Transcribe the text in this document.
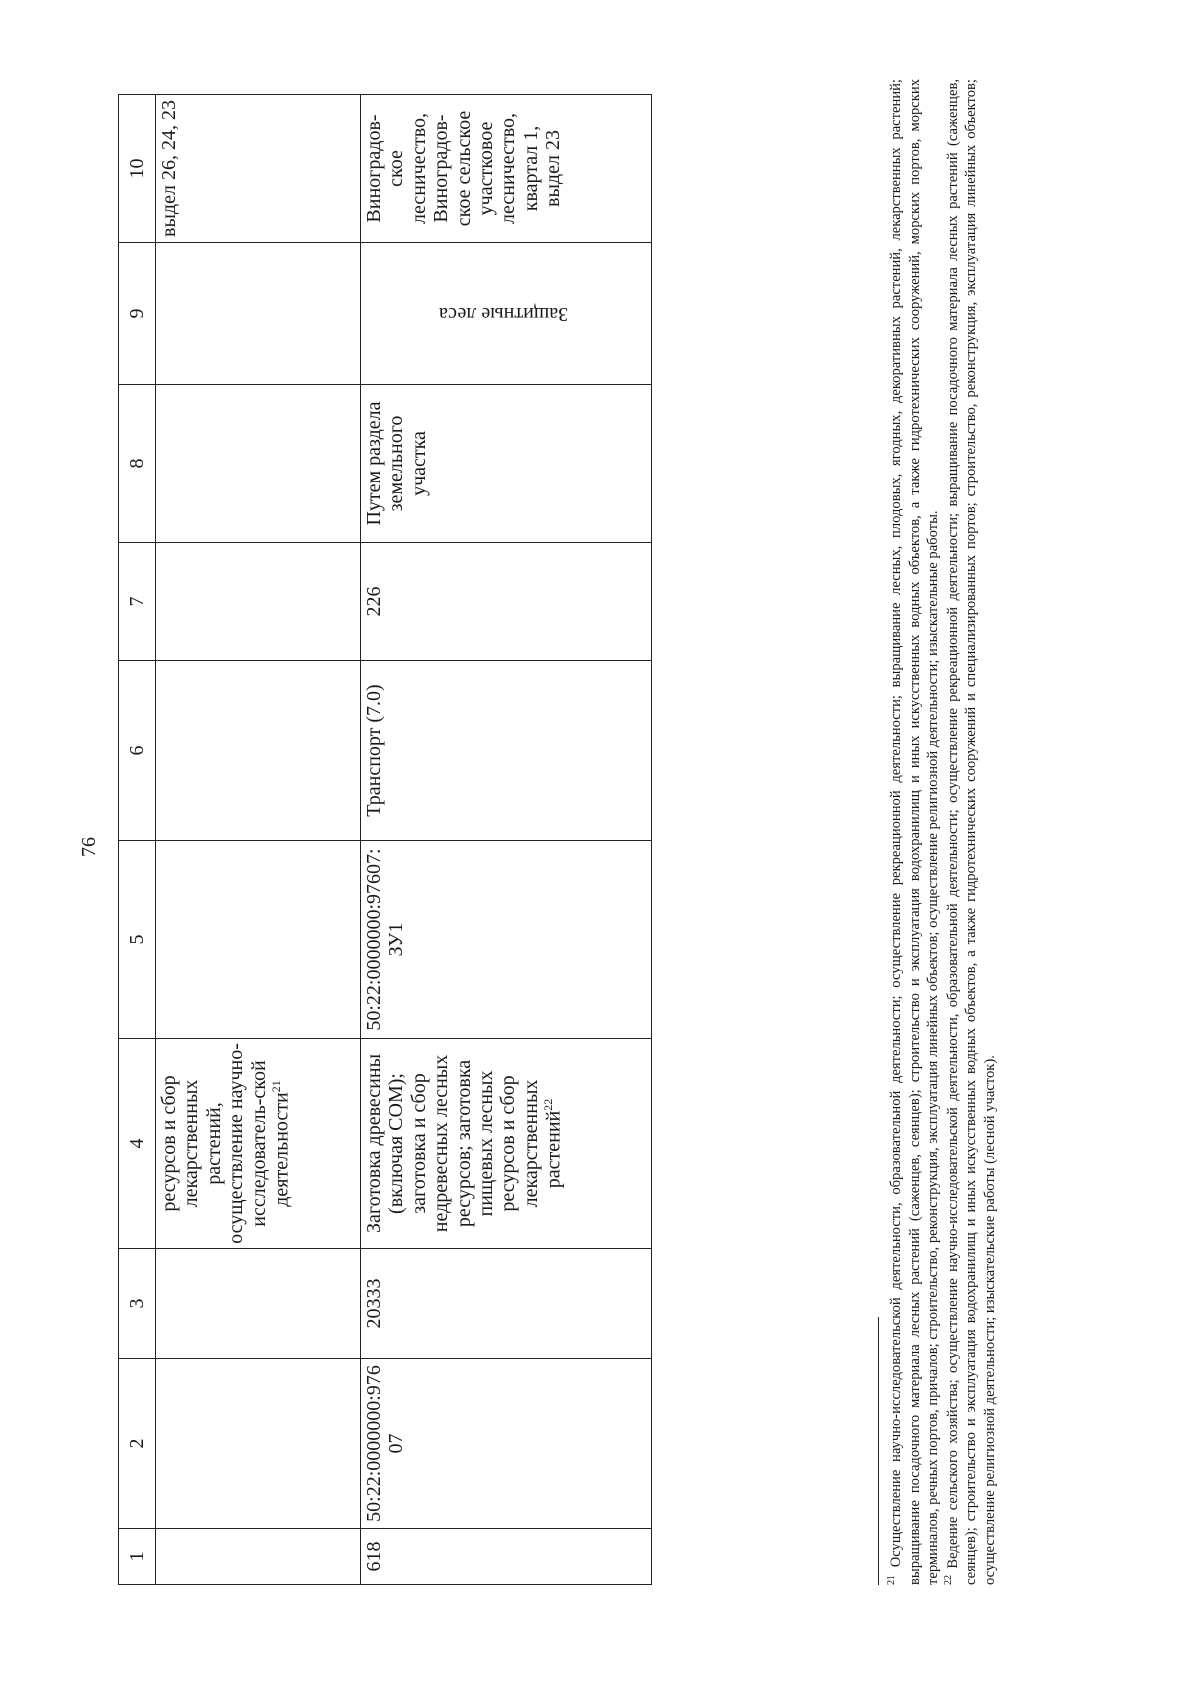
76
1	2	3	4	5	6	7	8	9	10
			ресурсов и сбор лекарственных растений, осуществление научно-исследователь-ской деятельности$^{21}$						выдел 26, 24, 23
618	50:22:0000000:97607	20333	Заготовка древесины (включая СОМ); заготовка и сбор недревесных лесных ресурсов; заготовка пищевых лесных ресурсов и сбор лекарственных растений$^{22}$	50:22:0000000:97607:ЗУ1	Транспорт (7.0)	226	Путем раздела земельного участка	Защитные леса	Виноградов-ское лесничество, Виноградов-ское сельское участковое лесничество, квартал 1, выдел 23

$^{21}$ Осуществление научно-исследовательской деятельности, образовательной деятельности; осуществление рекреационной деятельности; выращивание лесных, плодовых, ягодных, декоративных растений, лекарственных растений; выращивание посадочного материала лесных растений (саженцев, сеянцев); строительство и эксплуатация водохранилищ и иных искусственных водных объектов, а также гидротехнических сооружений, морских портов, морских терминалов, речных портов, причалов; строительство, реконструкция, эксплуатация линейных объектов; осуществление религиозной деятельности; изыскательные работы. $^{22}$ Ведение сельского хозяйства; осуществление научно-исследовательской деятельности, образовательной деятельности; осуществление рекреационной деятельности; выращивание посадочного материала лесных растений (саженцев, сеянцев); строительство и эксплуатация водохранилищ и иных искусственных водных объектов, а также гидротехнических сооружений и специализированных портов; строительство, реконструкция, эксплуатация линейных объектов; осуществление религиозной деятельности; изыскательские работы (лесной участок).
